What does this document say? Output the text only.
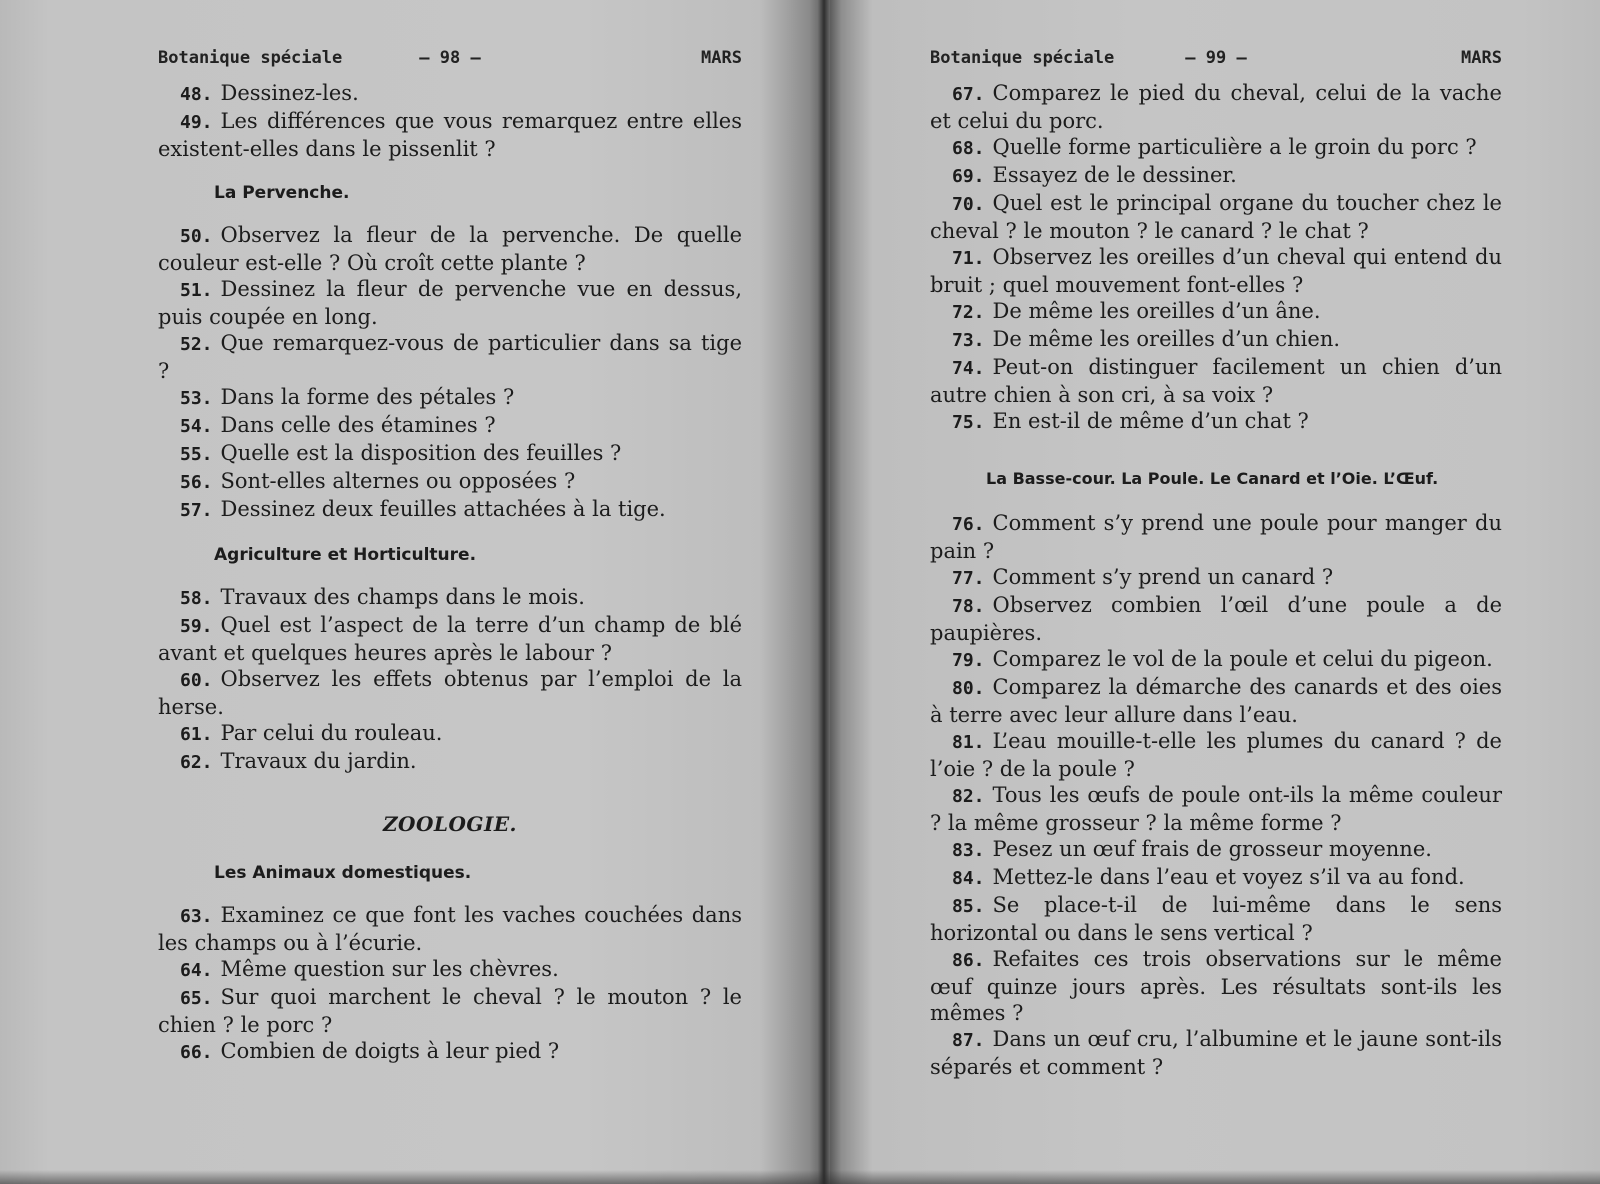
Botanique spéciale	— 98 —	MARS

48. Dessinez-les.

49. Les différences que vous remarquez entre elles existent-elles dans le pissenlit ?

La Pervenche.

50. Observez la fleur de la pervenche. De quelle couleur est-elle ? Où croît cette plante ?

51. Dessinez la fleur de pervenche vue en dessus, puis coupée en long.

52. Que remarquez-vous de particulier dans sa tige ?

53. Dans la forme des pétales ?

54. Dans celle des étamines ?

55. Quelle est la disposition des feuilles ?

56. Sont-elles alternes ou opposées ?

57. Dessinez deux feuilles attachées à la tige.

Agriculture et Horticulture.

58. Travaux des champs dans le mois.

59. Quel est l’aspect de la terre d’un champ de blé avant et quelques heures après le labour ?

60. Observez les effets obtenus par l’emploi de la herse.

61. Par celui du rouleau.

62. Travaux du jardin.

ZOOLOGIE.
Les Animaux domestiques.

63. Examinez ce que font les vaches couchées dans les champs ou à l’écurie.

64. Même question sur les chèvres.

65. Sur quoi marchent le cheval ? le mouton ? le chien ? le porc ?

66. Combien de doigts à leur pied ?

Botanique spéciale	— 99 —	MARS

67. Comparez le pied du cheval, celui de la vache et celui du porc.

68. Quelle forme particulière a le groin du porc ?

69. Essayez de le dessiner.

70. Quel est le principal organe du toucher chez le cheval ? le mouton ? le canard ? le chat ?

71. Observez les oreilles d’un cheval qui entend du bruit ; quel mouvement font-elles ?

72. De même les oreilles d’un âne.

73. De même les oreilles d’un chien.

74. Peut-on distinguer facilement un chien d’un autre chien à son cri, à sa voix ?

75. En est-il de même d’un chat ?

La Basse-cour. La Poule. Le Canard et l’Oie. L’Œuf.

76. Comment s’y prend une poule pour manger du pain ?

77. Comment s’y prend un canard ?

78. Observez combien l’œil d’une poule a de paupières.

79. Comparez le vol de la poule et celui du pigeon.

80. Comparez la démarche des canards et des oies à terre avec leur allure dans l’eau.

81. L’eau mouille-t-elle les plumes du canard ? de l’oie ? de la poule ?

82. Tous les œufs de poule ont-ils la même couleur ? la même grosseur ? la même forme ?

83. Pesez un œuf frais de grosseur moyenne.

84. Mettez-le dans l’eau et voyez s’il va au fond.

85. Se place-t-il de lui-même dans le sens horizontal ou dans le sens vertical ?

86. Refaites ces trois observations sur le même œuf quinze jours après. Les résultats sont-ils les mêmes ?

87. Dans un œuf cru, l’albumine et le jaune sont-ils séparés et comment ?
